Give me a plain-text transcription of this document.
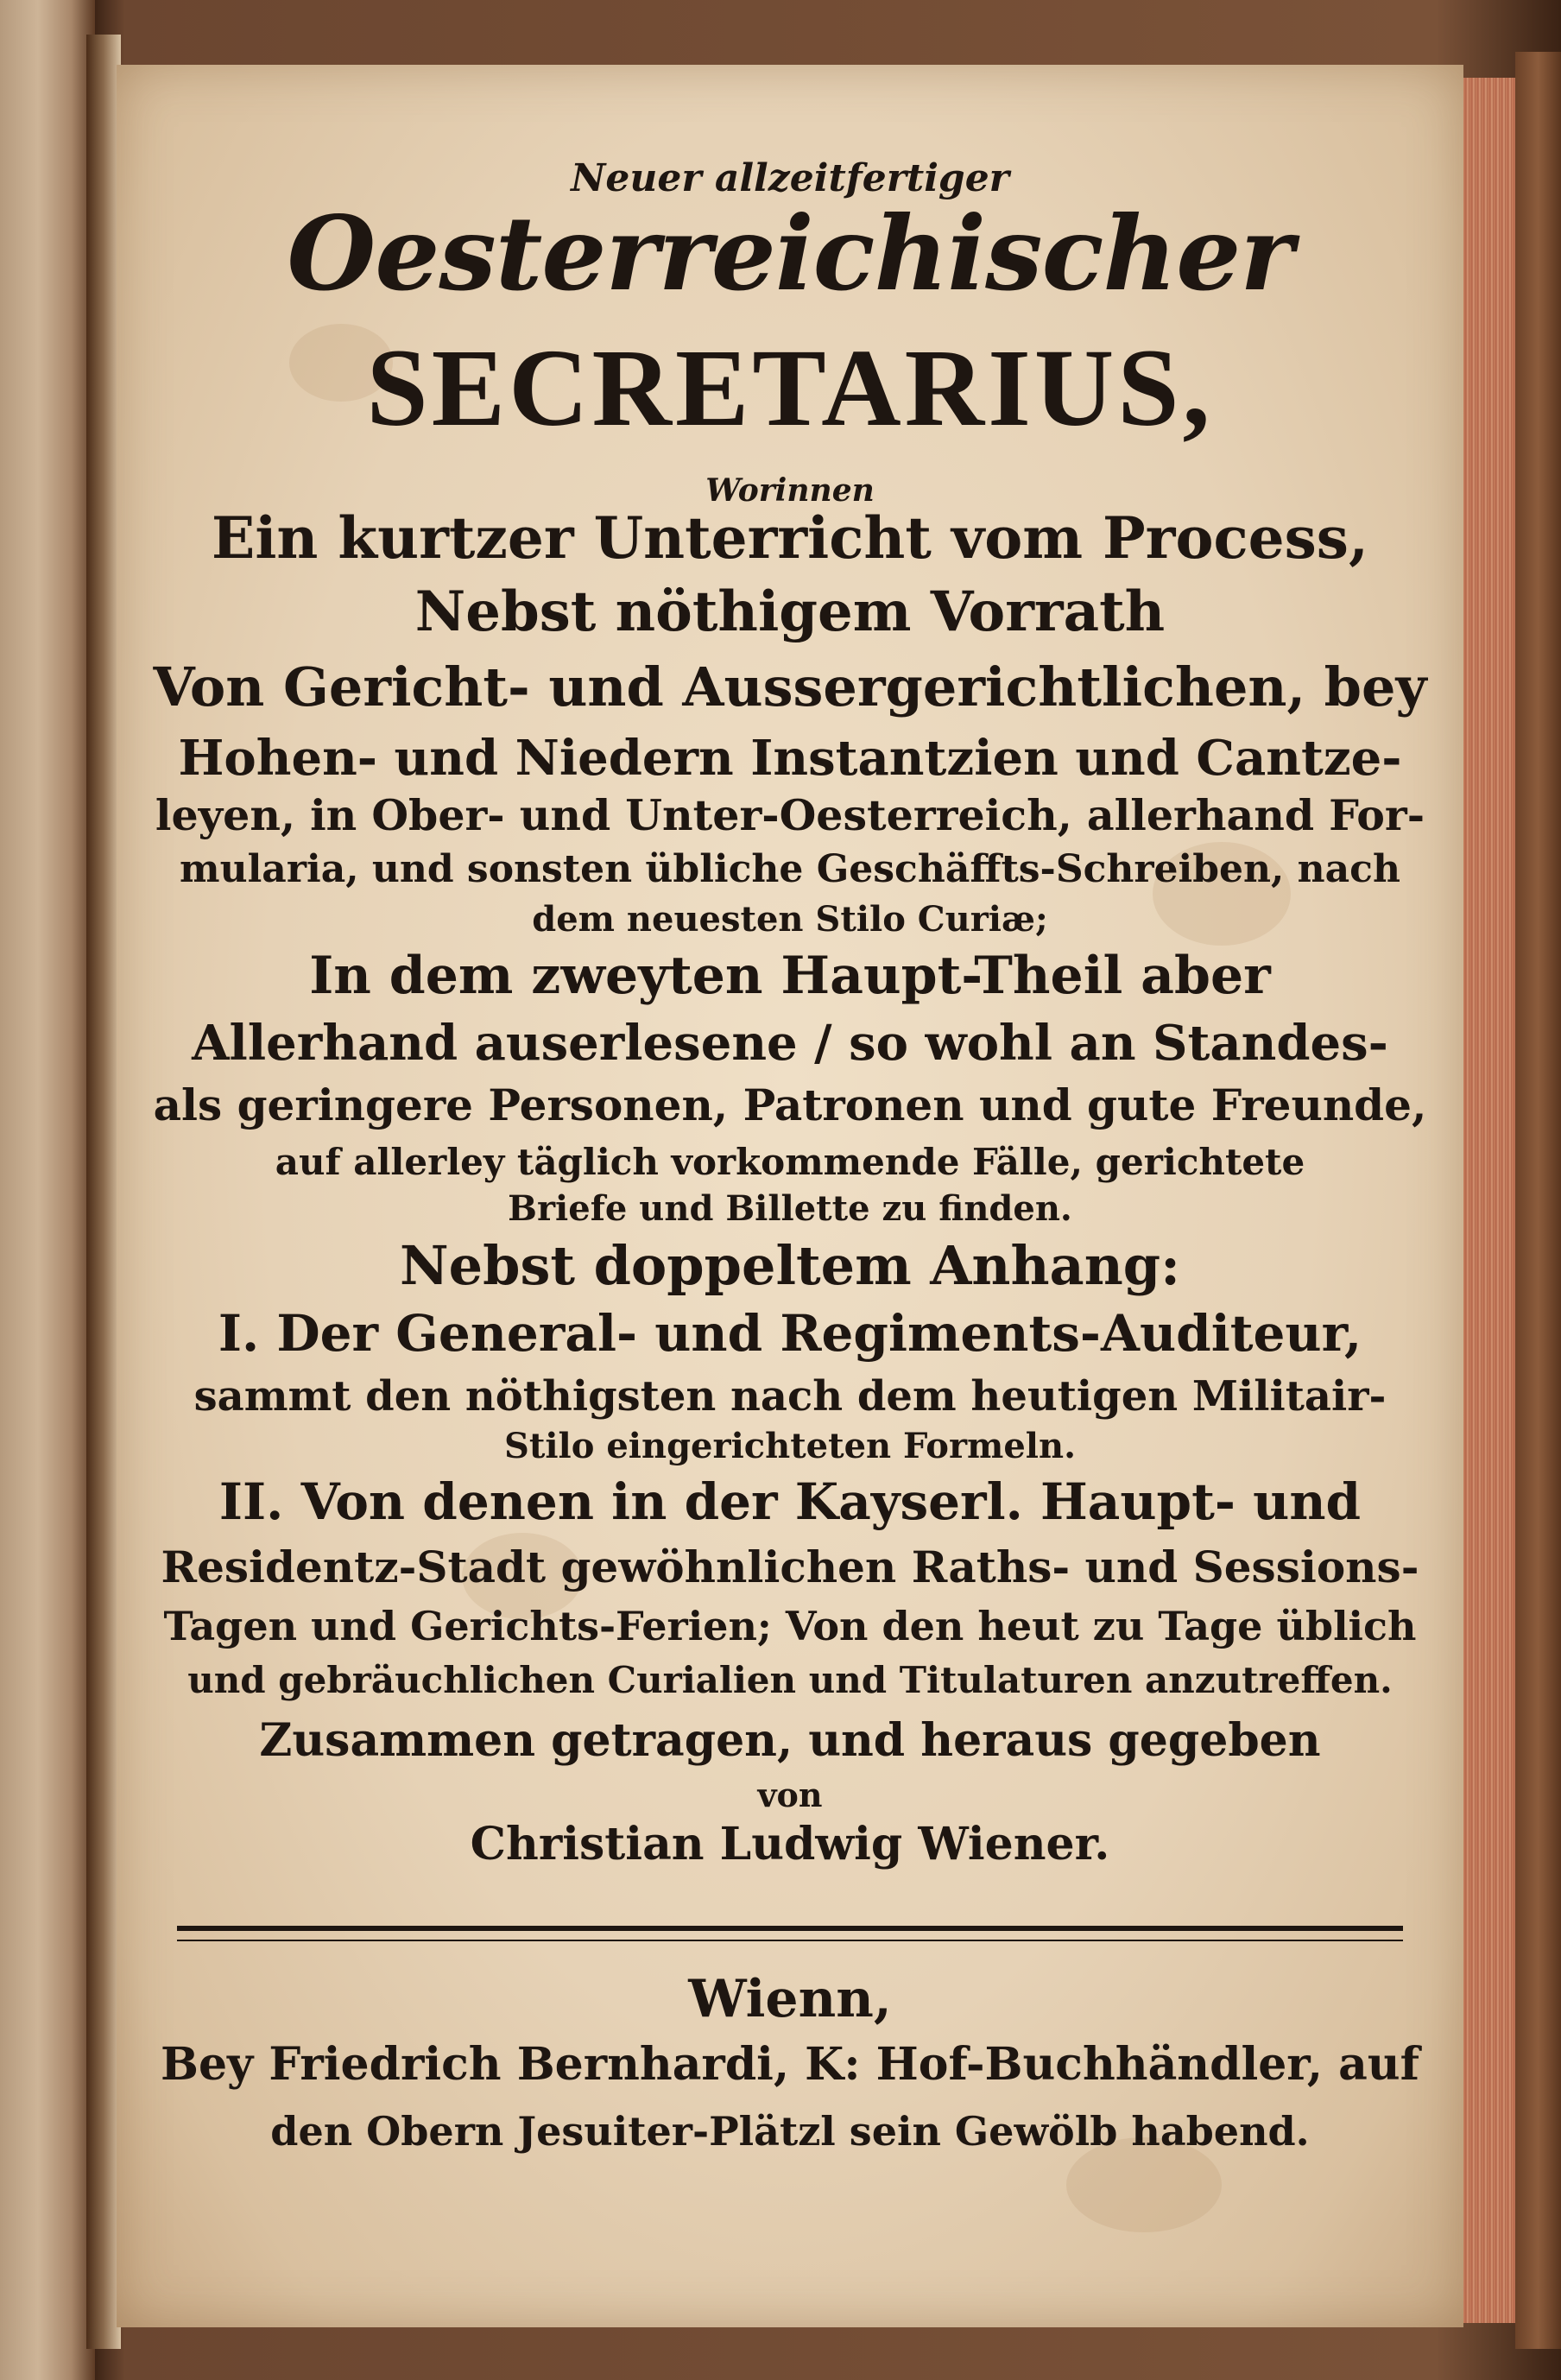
Neuer allzeitfertiger
Oesterreichischer
SECRETARIUS,
Worinnen
Ein kurtzer Unterricht vom Process,
Nebst nöthigem Vorrath
Von Gericht- und Aussergerichtlichen, bey
Hohen- und Niedern Instantzien und Cantze-
leyen, in Ober- und Unter-Oesterreich, allerhand For-
mularia, und sonsten übliche Geschäffts-Schreiben, nach
dem neuesten Stilo Curiæ;
In dem zweyten Haupt-Theil aber
Allerhand auserlesene / so wohl an Standes-
als geringere Personen, Patronen und gute Freunde,
auf allerley täglich vorkommende Fälle, gerichtete
Briefe und Billette zu finden.
Nebst doppeltem Anhang:
I. Der General- und Regiments-Auditeur,
sammt den nöthigsten nach dem heutigen Militair-
Stilo eingerichteten Formeln.
II. Von denen in der Kayserl. Haupt- und
Residentz-Stadt gewöhnlichen Raths- und Sessions-
Tagen und Gerichts-Ferien; Von den heut zu Tage üblich
und gebräuchlichen Curialien und Titulaturen anzutreffen.
Zusammen getragen, und heraus gegeben
von
Christian Ludwig Wiener.
Wienn,
Bey Friedrich Bernhardi, K: Hof-Buchhändler, auf
den Obern Jesuiter-Plätzl sein Gewölb habend.
